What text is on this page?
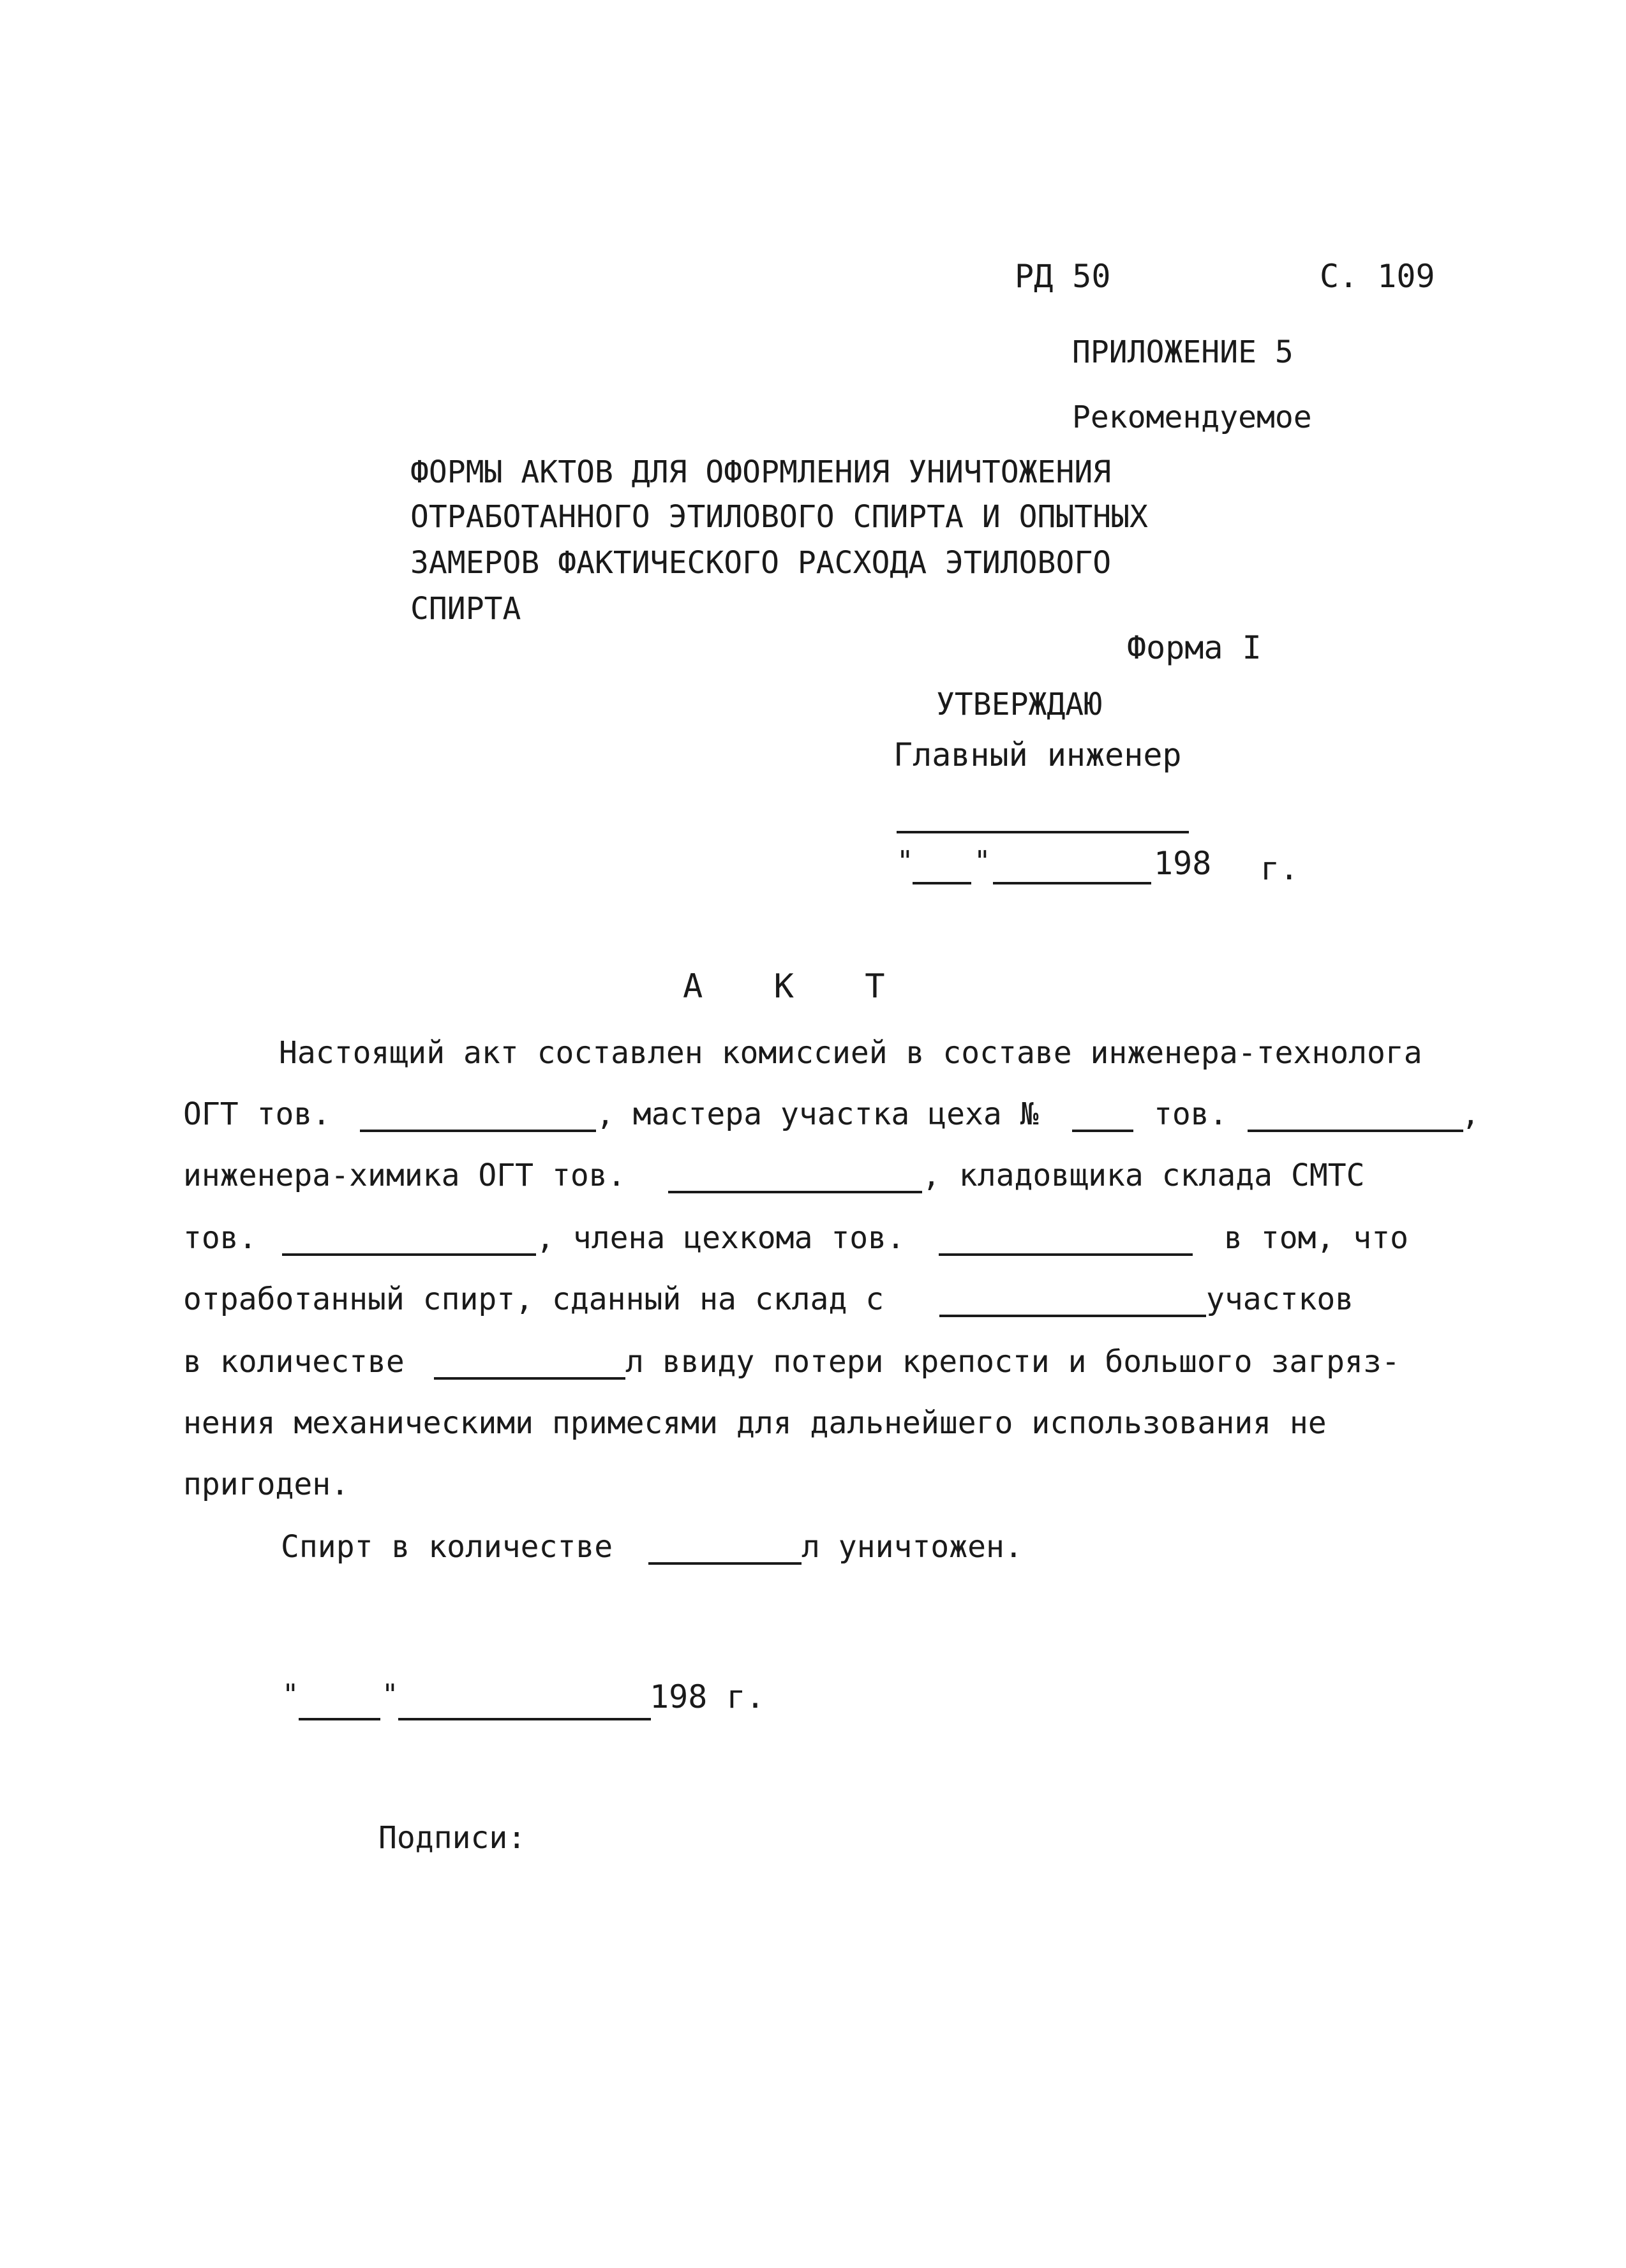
РД 50	С. 109
ПРИЛОЖЕНИЕ 5
Рекомендуемое
ФОРМЫ АКТОВ ДЛЯ ОФОРМЛЕНИЯ УНИЧТОЖЕНИЯ
ОТРАБОТАННОГО ЭТИЛОВОГО СПИРТА И ОПЫТНЫХ
ЗАМЕРОВ ФАКТИЧЕСКОГО РАСХОДА ЭТИЛОВОГО
СПИРТА
Форма I
УТВЕРЖДАЮ
Главный инженер
" "	198 г.
А К Т
Настоящий акт составлен комиссией в составе инженера-технолога
ОГТ тов.	, мастера участка цеха №	тов.	,
инженера-химика ОГТ тов.	, кладовщика склада СМТС
тов.	, члена цехкома тов.	в том, что
отработанный спирт, сданный на склад с	участков
в количестве	л ввиду потери крепости и большого загряз-
нения механическими примесями для дальнейшего использования не
пригоден.
Спирт в количестве	л уничтожен.
"	"	198 г.
Подписи:
